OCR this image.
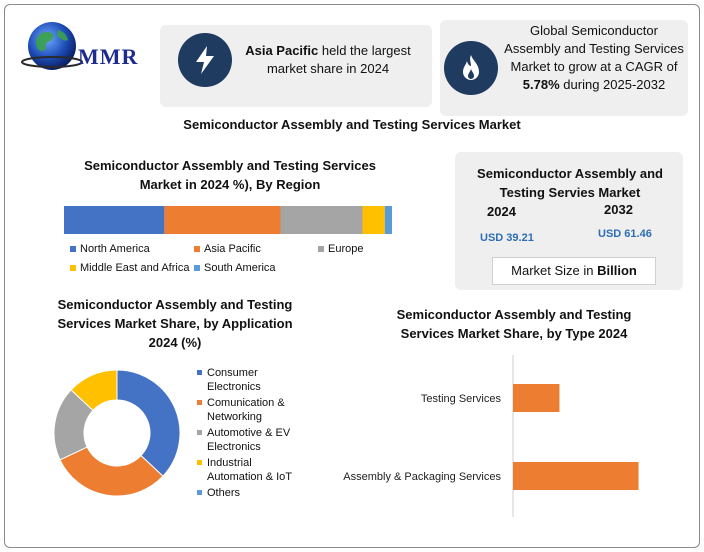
MMR	Asia Pacific held the largest market share in 2024
Global Semiconductor Assembly and Testing Services Market to grow at a CAGR of 5.78% during 2025-2032
Semiconductor Assembly and Testing Services Market
Semiconductor Assembly and Testing Services Market in 2024 %), By Region
North America	Asia Pacific	Europe
Middle East and Africa South America
Semiconductor Assembly and Testing Servies Market
2024	2032
USD 39.21	USD 61.46
Market Size in Billion
Semiconductor Assembly and Testing Services Market Share, by Application 2024 (%)
Consumer Electronics
Comunication & Networking
Automotive & EV Electronics
Industrial Automation & IoT
Others
Semiconductor Assembly and Testing Services Market Share, by Type 2024
Testing Services
Assembly & Packaging Services
